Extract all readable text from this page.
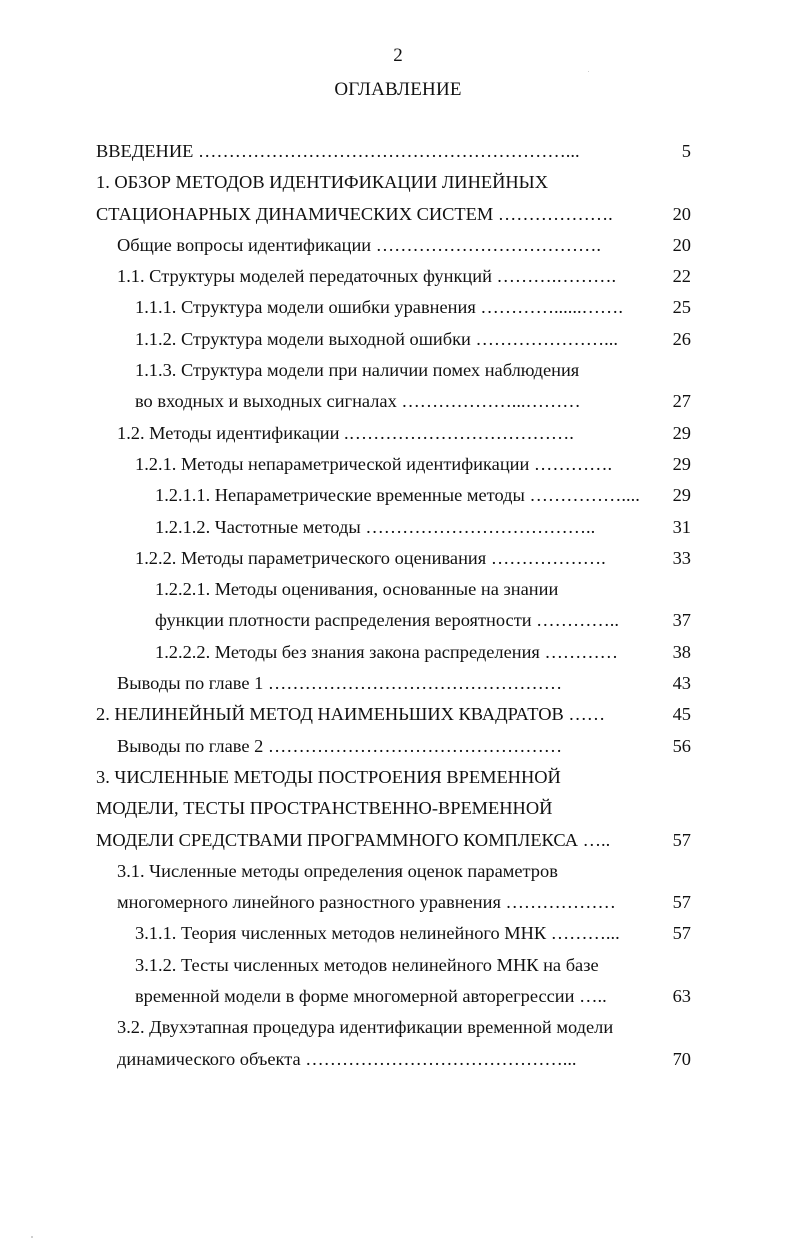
2
ОГЛАВЛЕНИЕ
ВВЕДЕНИЕ ……………………………………………………...	5
1. ОБЗОР МЕТОДОВ ИДЕНТИФИКАЦИИ ЛИНЕЙНЫХ
СТАЦИОНАРНЫХ ДИНАМИЧЕСКИХ СИСТЕМ ……………….	20
Общие вопросы идентификации ……………………………….	20
1.1. Структуры моделей передаточных функций ……….……….	22
1.1.1. Структура модели ошибки уравнения …………......…….	25
1.1.2. Структура модели выходной ошибки …………………...	26
1.1.3. Структура модели при наличии помех наблюдения
во входных и выходных сигналах ………………...………	27
1.2. Методы идентификации .……………………………….	29
1.2.1. Методы непараметрической идентификации ………….	29
1.2.1.1. Непараметрические временные методы ……………....	29
1.2.1.2. Частотные методы ………………………………..	31
1.2.2. Методы параметрического оценивания ……………….	33
1.2.2.1. Методы оценивания, основанные на знании
функции плотности распределения вероятности …………..	37
1.2.2.2. Методы без знания закона распределения …………	38
Выводы по главе 1 …………………………………………	43
2. НЕЛИНЕЙНЫЙ МЕТОД НАИМЕНЬШИХ КВАДРАТОВ ……	45
Выводы по главе 2 …………………………………………	56
3. ЧИСЛЕННЫЕ МЕТОДЫ ПОСТРОЕНИЯ ВРЕМЕННОЙ
МОДЕЛИ, ТЕСТЫ ПРОСТРАНСТВЕННО-ВРЕМЕННОЙ
МОДЕЛИ СРЕДСТВАМИ ПРОГРАММНОГО КОМПЛЕКСА …..	57
3.1. Численные методы определения оценок параметров
многомерного линейного разностного уравнения ………………	57
3.1.1. Теория численных методов нелинейного МНК ………...	57
3.1.2. Тесты численных методов нелинейного МНК на базе
временной модели в форме многомерной авторегрессии …..	63
3.2. Двухэтапная процедура идентификации временной модели
динамического объекта ……………………………………...	70
